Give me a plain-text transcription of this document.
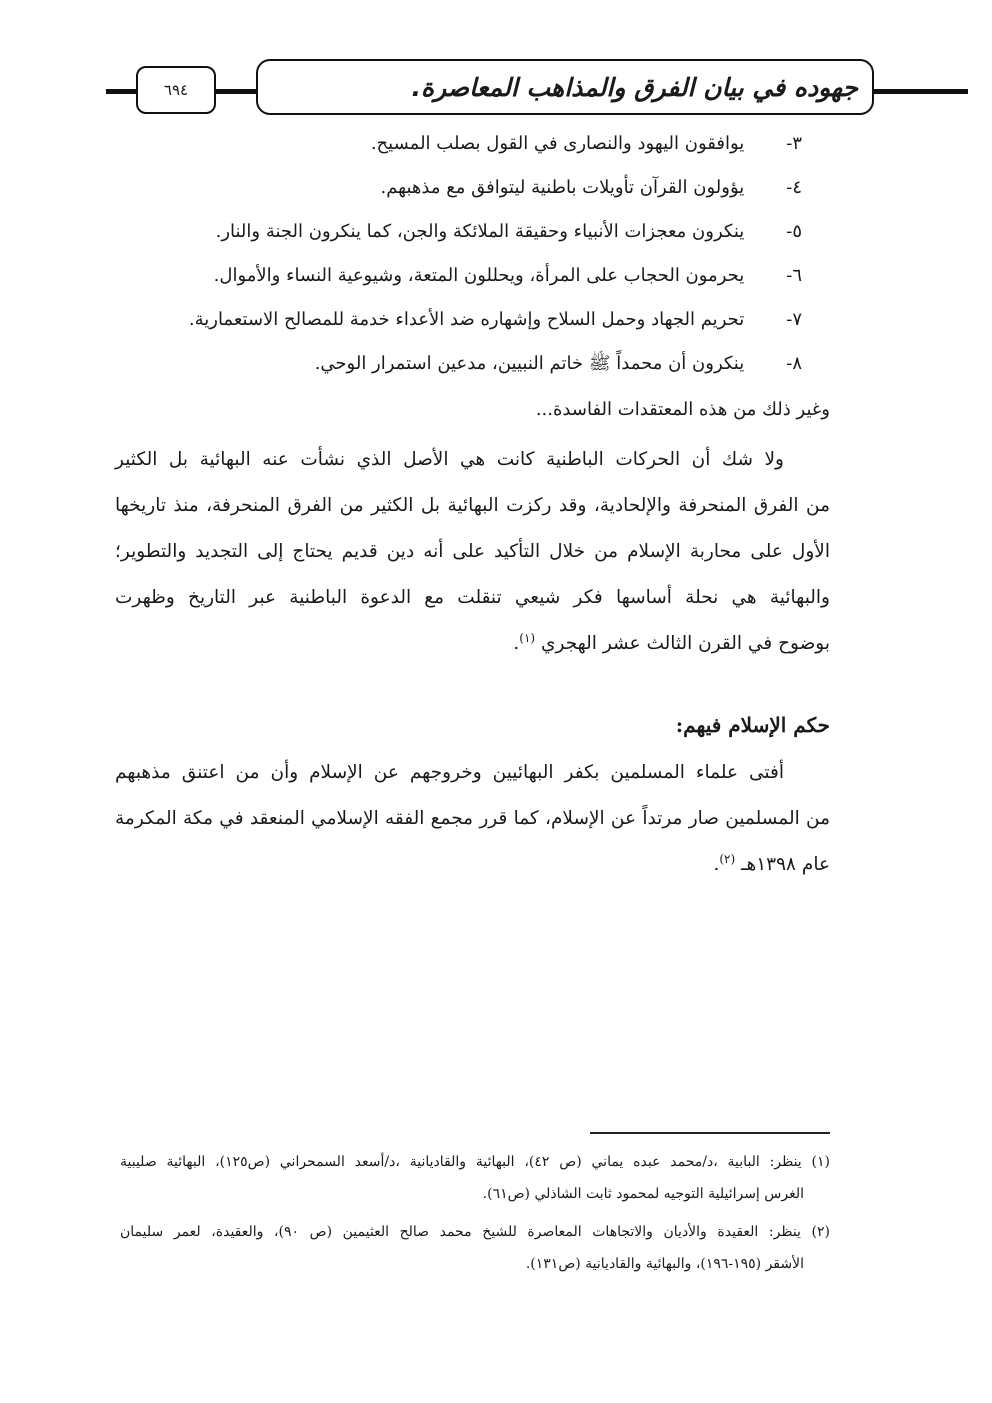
٦٩٤	جهوده في بيان الفرق والمذاهب المعاصرة.
٣- يوافقون اليهود والنصارى في القول بصلب المسيح.
٤- يؤولون القرآن تأويلات باطنية ليتوافق مع مذهبهم.
٥- ينكرون معجزات الأنبياء وحقيقة الملائكة والجن، كما ينكرون الجنة والنار.
٦- يحرمون الحجاب على المرأة، ويحللون المتعة، وشيوعية النساء والأموال.
٧- تحريم الجهاد وحمل السلاح وإشهاره ضد الأعداء خدمة للمصالح الاستعمارية.
٨- ينكرون أن محمداً ﷺ خاتم النبيين، مدعين استمرار الوحي.
وغير ذلك من هذه المعتقدات الفاسدة...
ولا شك أن الحركات الباطنية كانت هي الأصل الذي نشأت عنه البهائية بل الكثير
من الفرق المنحرفة والإلحادية، وقد ركزت البهائية بل الكثير من الفرق المنحرفة، منذ تاريخها
الأول على محاربة الإسلام من خلال التأكيد على أنه دين قديم يحتاج إلى التجديد والتطوير؛
والبهائية هي نحلة أساسها فكر شيعي تنقلت مع الدعوة الباطنية عبر التاريخ وظهرت
بوضوح في القرن الثالث عشر الهجري $^{(١)}$.
حكم الإسلام فيهم:
أفتى علماء المسلمين بكفر البهائيين وخروجهم عن الإسلام وأن من اعتنق مذهبهم
من المسلمين صار مرتداً عن الإسلام، كما قرر مجمع الفقه الإسلامي المنعقد في مكة المكرمة
عام ١٣٩٨هـ $^{(٢)}$.
(١) ينظر: البابية ،د/محمد عبده يماني (ص ٤٢)، البهائية والقاديانية ،د/أسعد السمحراني (ص١٢٥)، البهائية صليبية
الغرس إسرائيلية التوجيه لمحمود ثابت الشاذلي (ص٦١).
(٢) ينظر: العقيدة والأديان والاتجاهات المعاصرة للشيخ محمد صالح العثيمين (ص ٩٠)، والعقيدة، لعمر سليمان
الأشقر (١٩٥-١٩٦)، والبهائية والقاديانية (ص١٣١).
